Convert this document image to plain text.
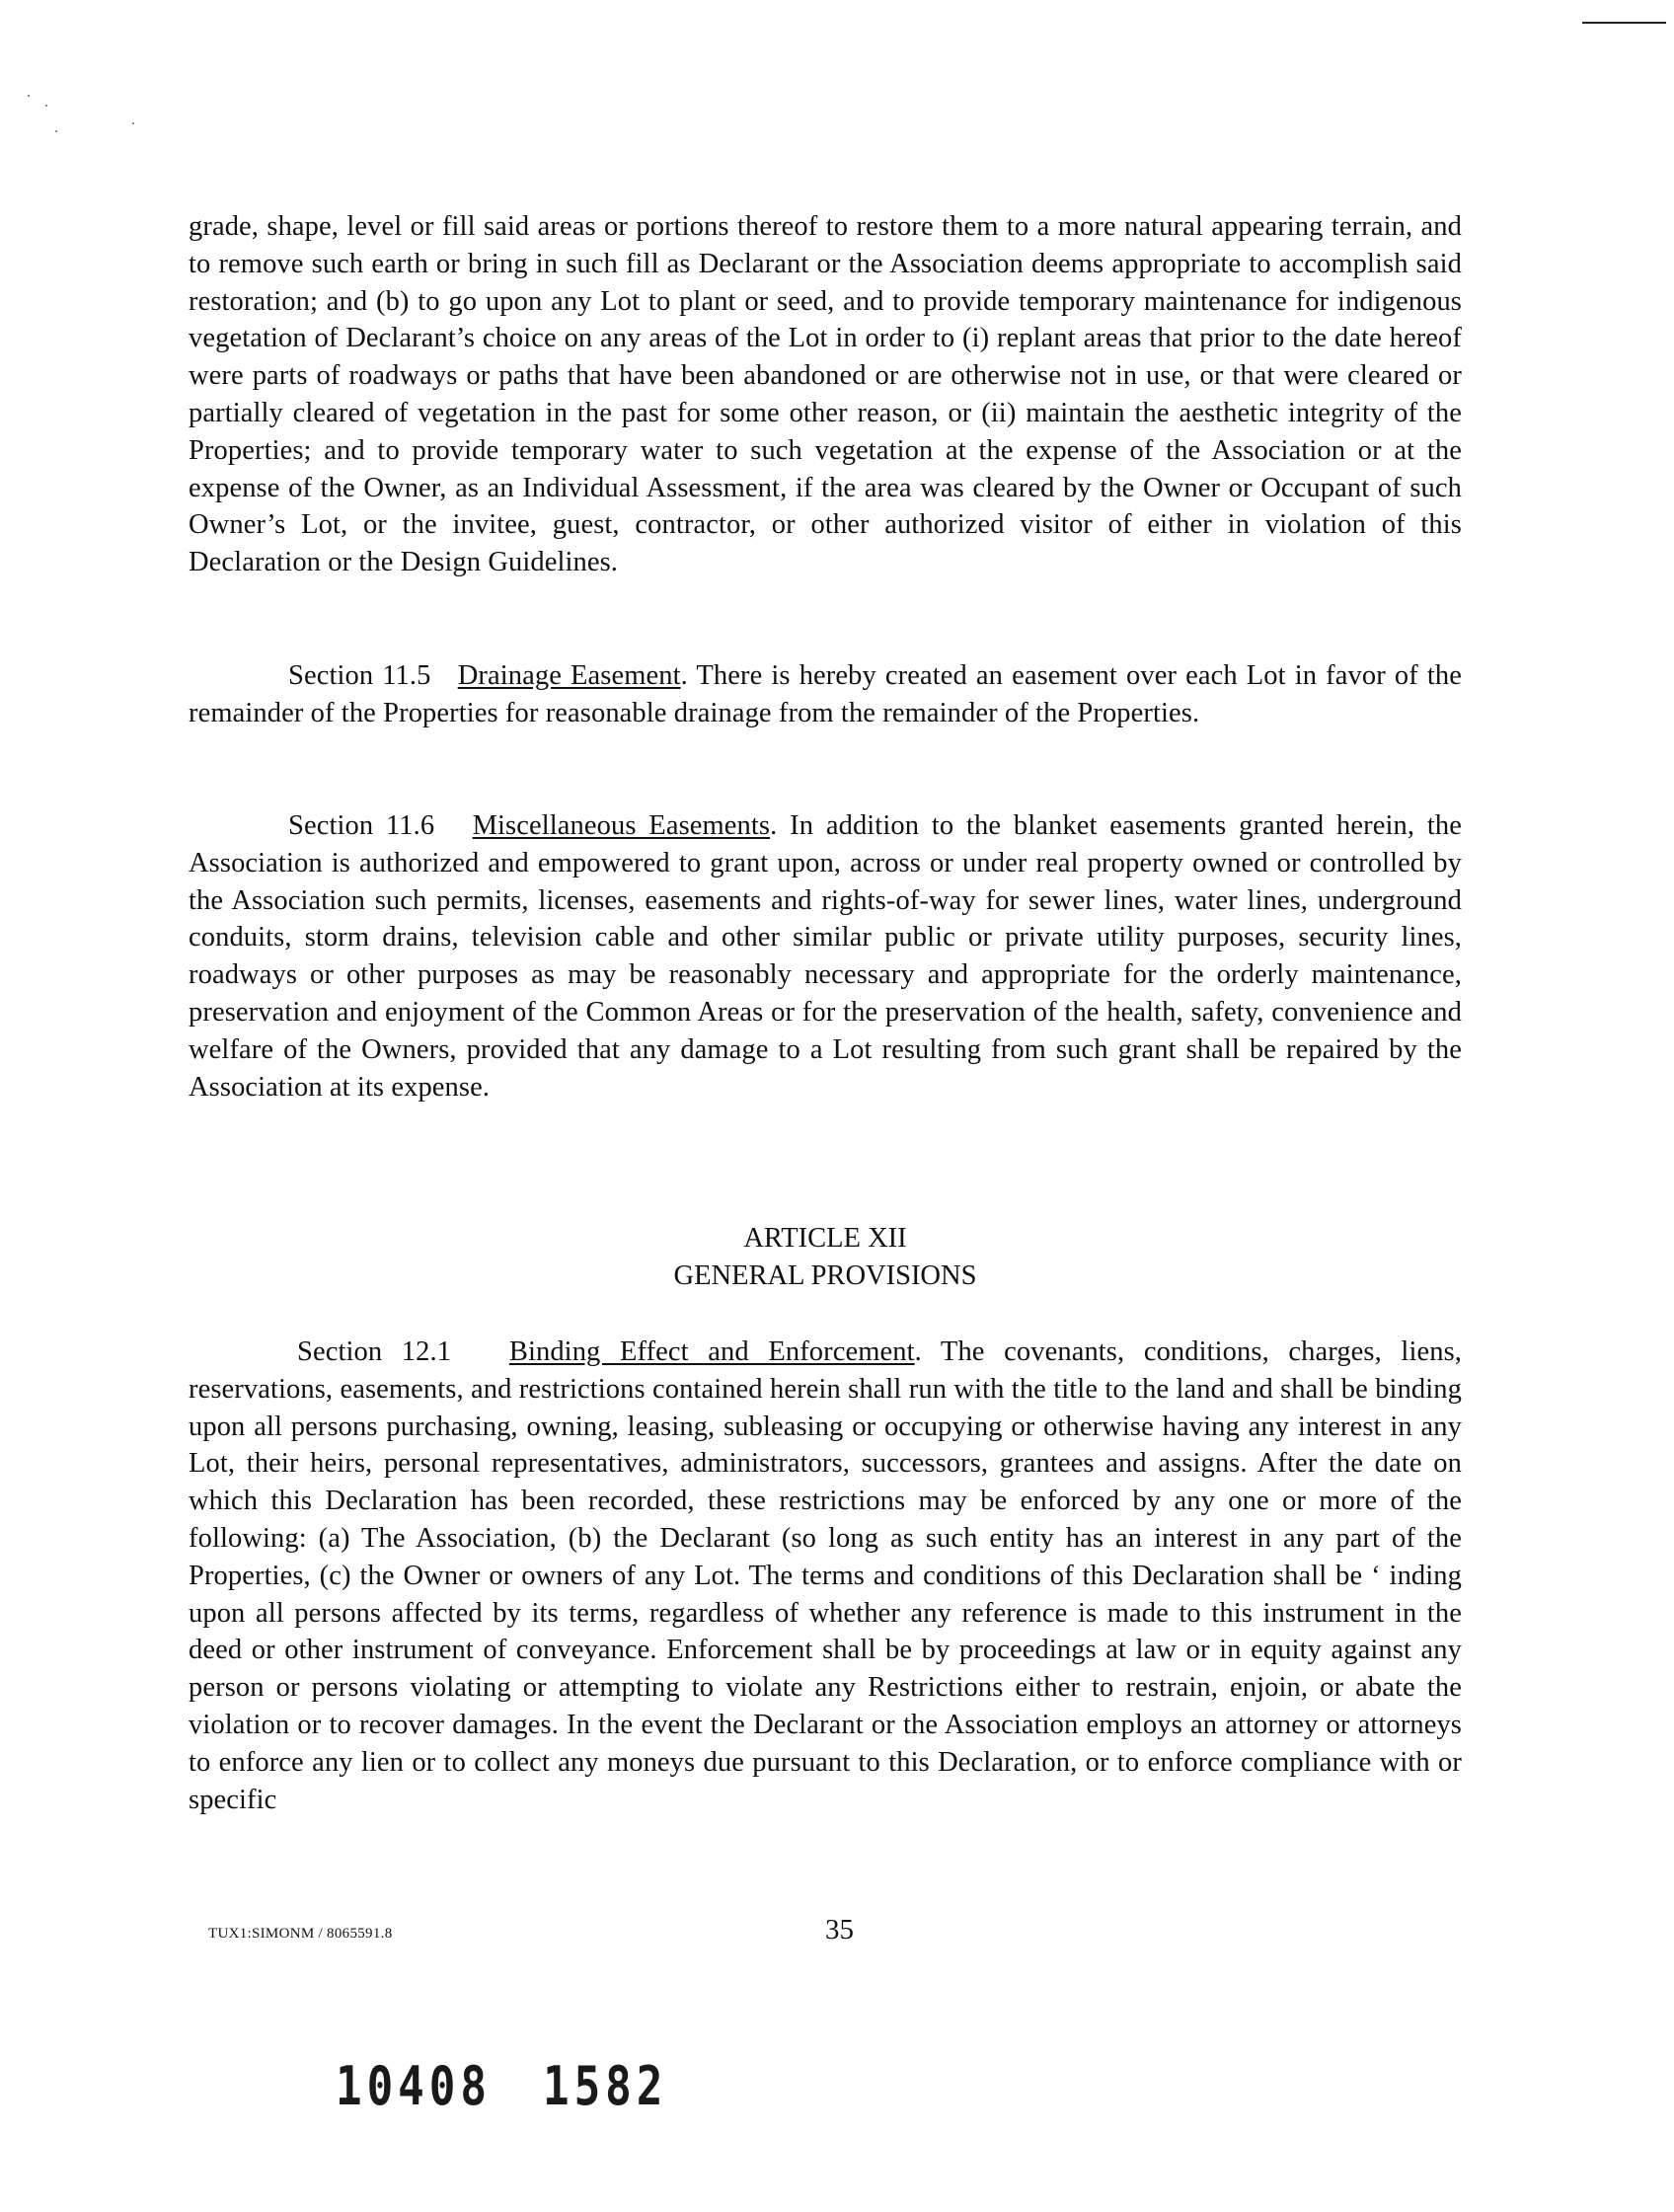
grade, shape, level or fill said areas or portions thereof to restore them to a more natural appearing terrain, and to remove such earth or bring in such fill as Declarant or the Association deems appropriate to accomplish said restoration; and (b) to go upon any Lot to plant or seed, and to provide temporary maintenance for indigenous vegetation of Declarant’s choice on any areas of the Lot in order to (i) replant areas that prior to the date hereof were parts of roadways or paths that have been abandoned or are otherwise not in use, or that were cleared or partially cleared of vegetation in the past for some other reason, or (ii) maintain the aesthetic integrity of the Properties; and to provide temporary water to such vegetation at the expense of the Association or at the expense of the Owner, as an Individual Assessment, if the area was cleared by the Owner or Occupant of such Owner’s Lot, or the invitee, guest, contractor, or other authorized visitor of either in violation of this Declaration or the Design Guidelines.

Section 11.5 Drainage Easement. There is hereby created an easement over each Lot in favor of the remainder of the Properties for reasonable drainage from the remainder of the Properties.

Section 11.6 Miscellaneous Easements. In addition to the blanket easements granted herein, the Association is authorized and empowered to grant upon, across or under real property owned or controlled by the Association such permits, licenses, easements and rights-of-way for sewer lines, water lines, underground conduits, storm drains, television cable and other similar public or private utility purposes, security lines, roadways or other purposes as may be reasonably necessary and appropriate for the orderly maintenance, preservation and enjoyment of the Common Areas or for the preservation of the health, safety, convenience and welfare of the Owners, provided that any damage to a Lot resulting from such grant shall be repaired by the Association at its expense.

ARTICLE XII
GENERAL PROVISIONS

Section 12.1 Binding Effect and Enforcement. The covenants, conditions, charges, liens, reservations, easements, and restrictions contained herein shall run with the title to the land and shall be binding upon all persons purchasing, owning, leasing, subleasing or occupying or otherwise having any interest in any Lot, their heirs, personal representatives, administrators, successors, grantees and assigns. After the date on which this Declaration has been recorded, these restrictions may be enforced by any one or more of the following: (a) The Association, (b) the Declarant (so long as such entity has an interest in any part of the Properties, (c) the Owner or owners of any Lot. The terms and conditions of this Declaration shall be ‘ inding upon all persons affected by its terms, regardless of whether any reference is made to this instrument in the deed or other instrument of conveyance. Enforcement shall be by proceedings at law or in equity against any person or persons violating or attempting to violate any Restrictions either to restrain, enjoin, or abate the violation or to recover damages. In the event the Declarant or the Association employs an attorney or attorneys to enforce any lien or to collect any moneys due pursuant to this Declaration, or to enforce compliance with or specific

TUX1:SIMONM / 8065591.8	35
10408 1582
